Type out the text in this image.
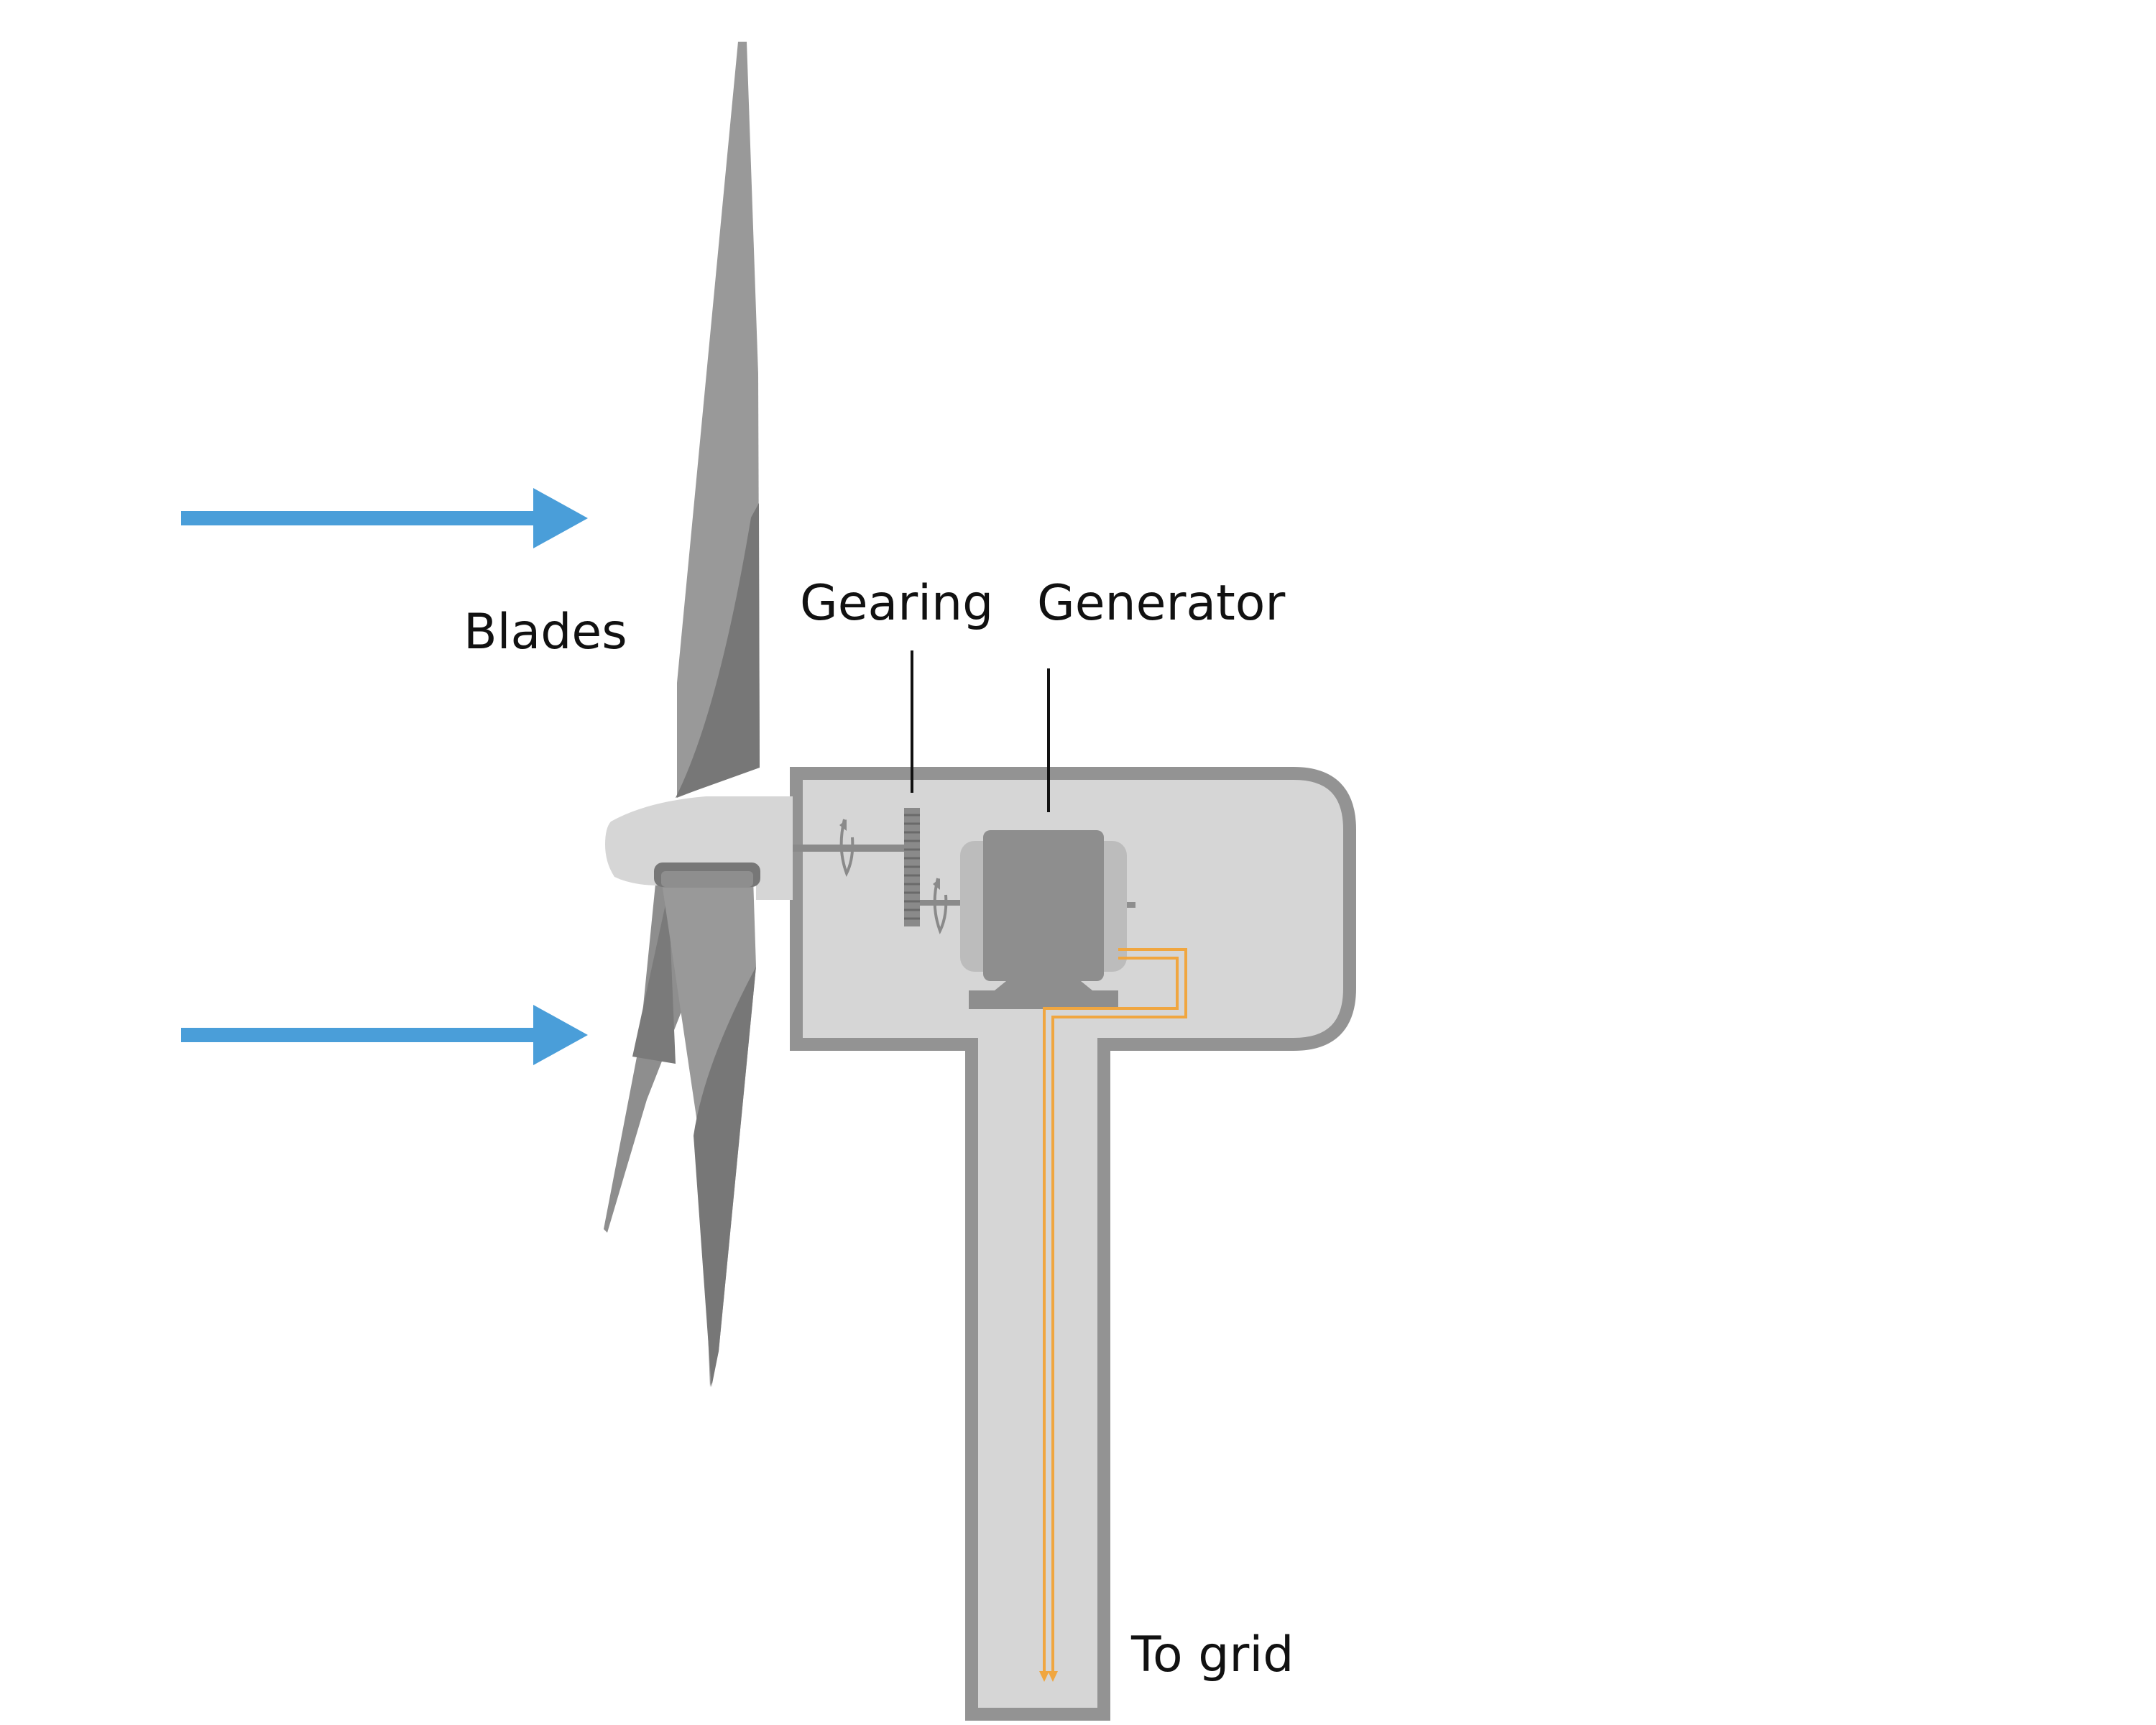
Blades
Gearing Generator
To grid
